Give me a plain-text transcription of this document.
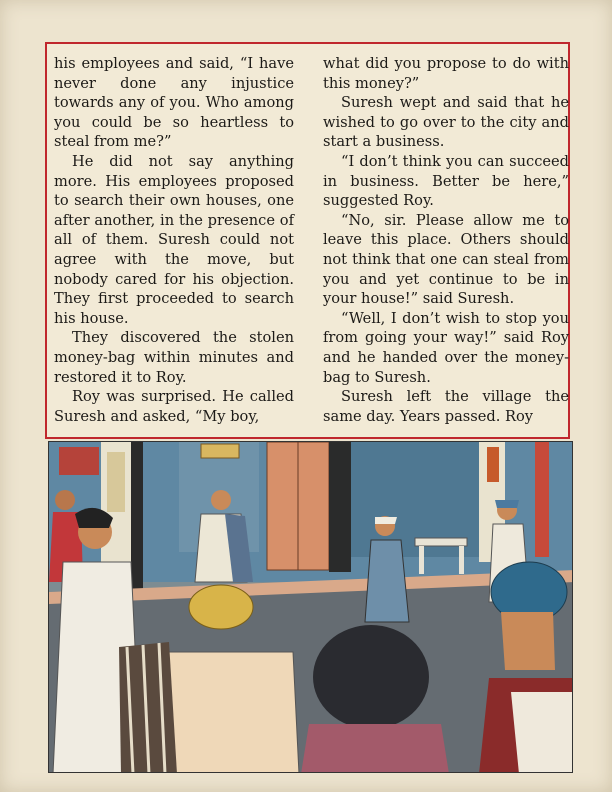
his employees and said, “I have never done any injustice towards any of you. Who among you could be so heartless to steal from me?”

He did not say anything more. His employees proposed to search their own houses, one after another, in the presence of all of them. Suresh could not agree with the move, but nobody cared for his objection. They first proceeded to search his house.

They discovered the stolen money-bag within minutes and restored it to Roy.

Roy was surprised. He called Suresh and asked, “My boy,

what did you propose to do with this money?”

Suresh wept and said that he wished to go over to the city and start a business.

“I don’t think you can succeed in business. Better be here,” suggested Roy.

“No, sir. Please allow me to leave this place. Others should not think that one can steal from you and yet continue to be in your house!” said Suresh.

“Well, I don’t wish to stop you from going your way!” said Roy and he handed over the money-bag to Suresh.

Suresh left the village the same day. Years passed. Roy
